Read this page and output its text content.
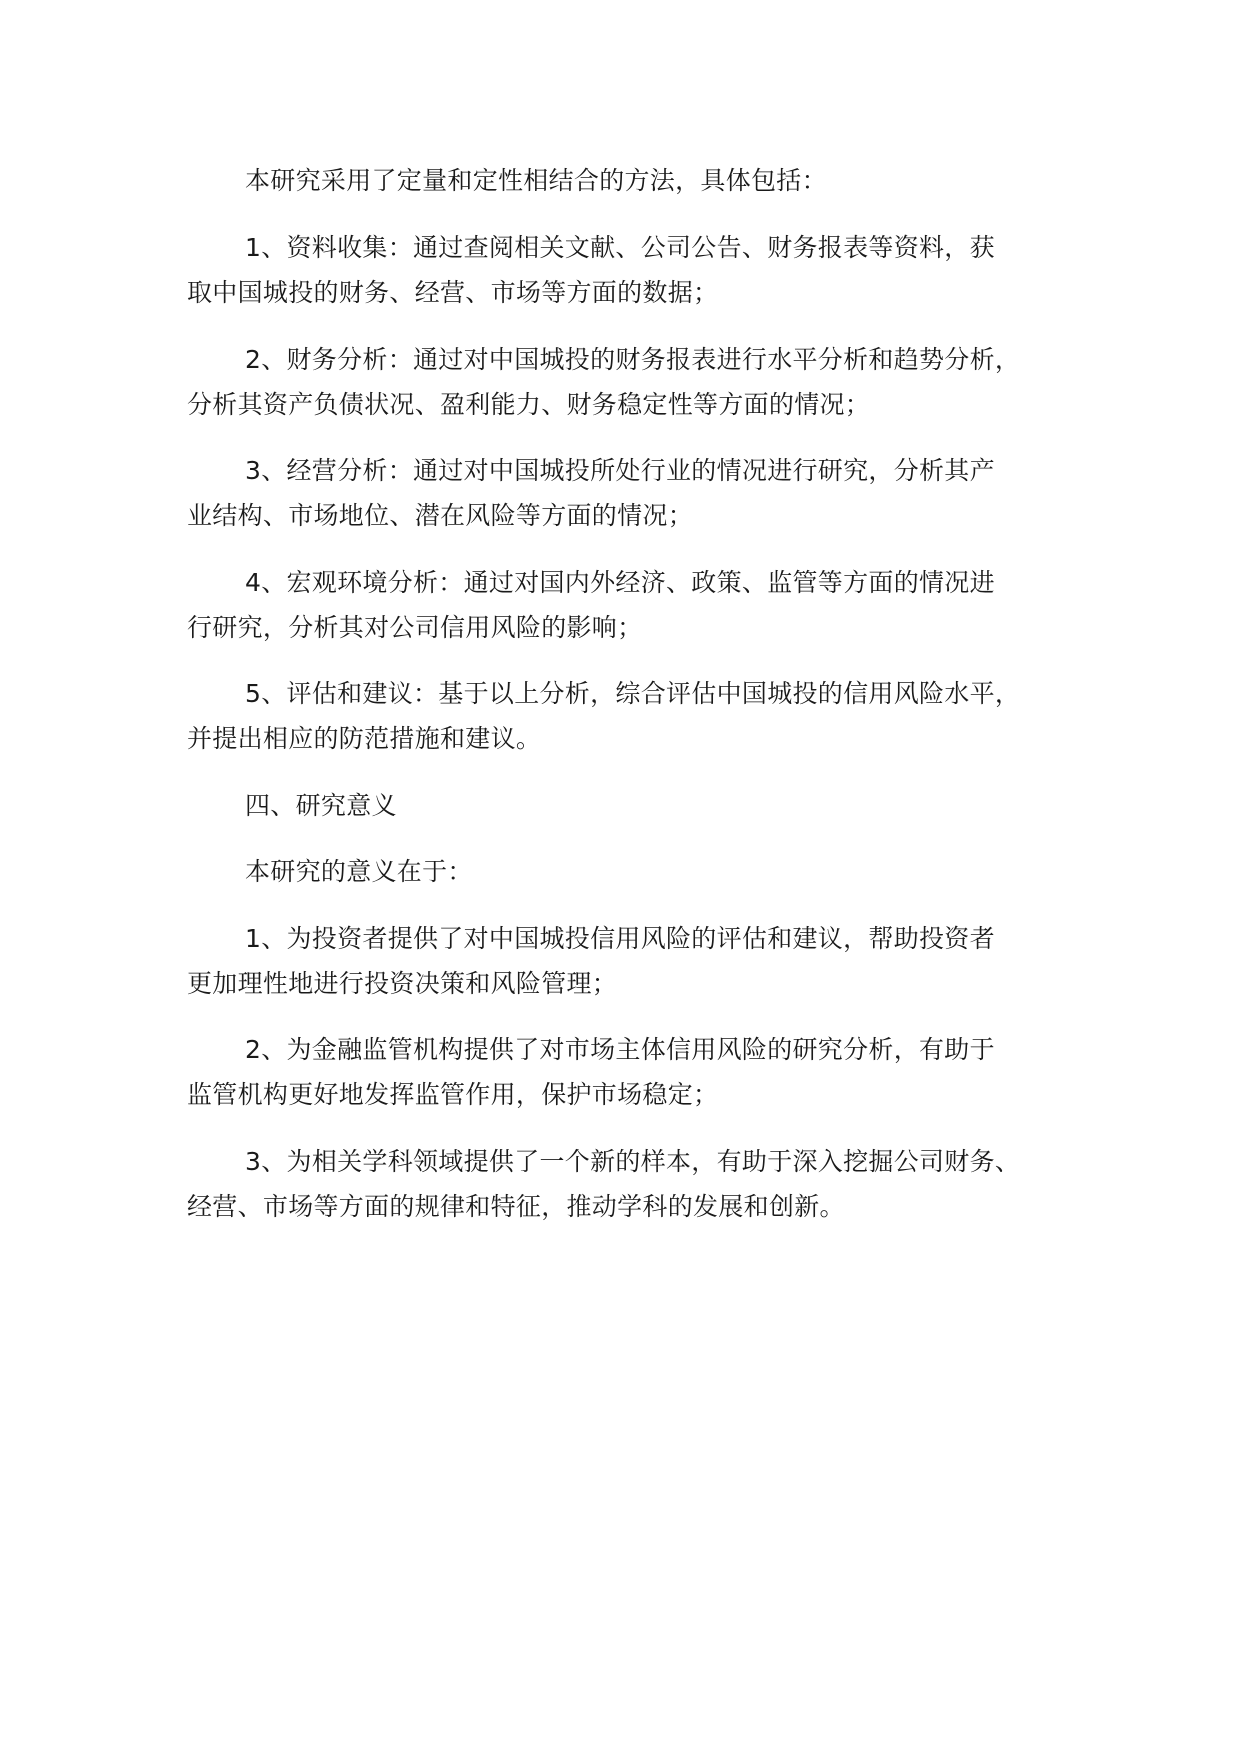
本研究采用了定量和定性相结合的方法，具体包括：

1、资料收集：通过查阅相关文献、公司公告、财务报表等资料，获
取中国城投的财务、经营、市场等方面的数据；

2、财务分析：通过对中国城投的财务报表进行水平分析和趋势分析，
分析其资产负债状况、盈利能力、财务稳定性等方面的情况；

3、经营分析：通过对中国城投所处行业的情况进行研究，分析其产
业结构、市场地位、潜在风险等方面的情况；

4、宏观环境分析：通过对国内外经济、政策、监管等方面的情况进
行研究，分析其对公司信用风险的影响；

5、评估和建议：基于以上分析，综合评估中国城投的信用风险水平，
并提出相应的防范措施和建议。

四、研究意义

本研究的意义在于：

1、为投资者提供了对中国城投信用风险的评估和建议，帮助投资者
更加理性地进行投资决策和风险管理；

2、为金融监管机构提供了对市场主体信用风险的研究分析，有助于
监管机构更好地发挥监管作用，保护市场稳定；

3、为相关学科领域提供了一个新的样本，有助于深入挖掘公司财务、
经营、市场等方面的规律和特征，推动学科的发展和创新。
